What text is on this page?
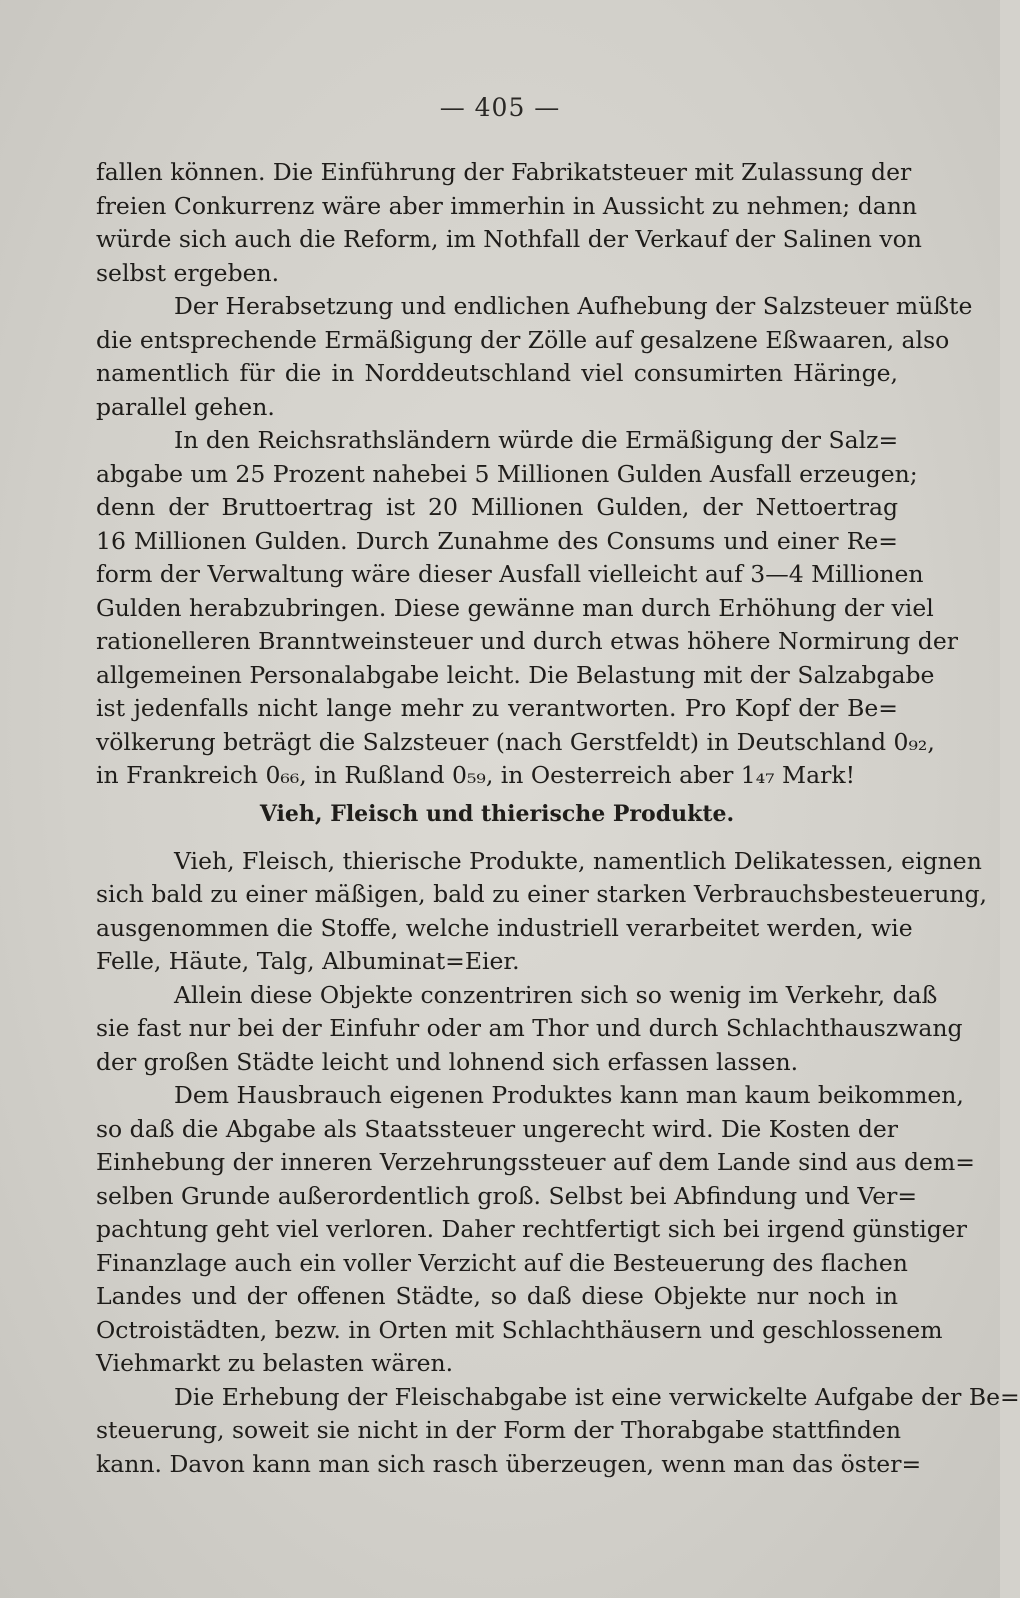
— 405 —
fallen können. Die Einführung der Fabrikatsteuer mit Zulassung der
freien Conkurrenz wäre aber immerhin in Aussicht zu nehmen; dann
würde sich auch die Reform, im Nothfall der Verkauf der Salinen von
selbst ergeben.
Der Herabsetzung und endlichen Aufhebung der Salzsteuer müßte
die entsprechende Ermäßigung der Zölle auf gesalzene Eßwaaren, also
namentlich für die in Norddeutschland viel consumirten Häringe,
parallel gehen.
In den Reichsrathsländern würde die Ermäßigung der Salz=
abgabe um 25 Prozent nahebei 5 Millionen Gulden Ausfall erzeugen;
denn der Bruttoertrag ist 20 Millionen Gulden, der Nettoertrag
16 Millionen Gulden. Durch Zunahme des Consums und einer Re=
form der Verwaltung wäre dieser Ausfall vielleicht auf 3—4 Millionen
Gulden herabzubringen. Diese gewänne man durch Erhöhung der viel
rationelleren Branntweinsteuer und durch etwas höhere Normirung der
allgemeinen Personalabgabe leicht. Die Belastung mit der Salzabgabe
ist jedenfalls nicht lange mehr zu verantworten. Pro Kopf der Be=
völkerung beträgt die Salzsteuer (nach Gerstfeldt) in Deutschland 0₉₂,
in Frankreich 0₆₆, in Rußland 0₅₉, in Oesterreich aber 1₄₇ Mark!
Vieh, Fleisch und thierische Produkte.
Vieh, Fleisch, thierische Produkte, namentlich Delikatessen, eignen
sich bald zu einer mäßigen, bald zu einer starken Verbrauchsbesteuerung,
ausgenommen die Stoffe, welche industriell verarbeitet werden, wie
Felle, Häute, Talg, Albuminat=Eier.
Allein diese Objekte conzentriren sich so wenig im Verkehr, daß
sie fast nur bei der Einfuhr oder am Thor und durch Schlachthauszwang
der großen Städte leicht und lohnend sich erfassen lassen.
Dem Hausbrauch eigenen Produktes kann man kaum beikommen,
so daß die Abgabe als Staatssteuer ungerecht wird. Die Kosten der
Einhebung der inneren Verzehrungssteuer auf dem Lande sind aus dem=
selben Grunde außerordentlich groß. Selbst bei Abfindung und Ver=
pachtung geht viel verloren. Daher rechtfertigt sich bei irgend günstiger
Finanzlage auch ein voller Verzicht auf die Besteuerung des flachen
Landes und der offenen Städte, so daß diese Objekte nur noch in
Octroistädten, bezw. in Orten mit Schlachthäusern und geschlossenem
Viehmarkt zu belasten wären.
Die Erhebung der Fleischabgabe ist eine verwickelte Aufgabe der Be=
steuerung, soweit sie nicht in der Form der Thorabgabe stattfinden
kann. Davon kann man sich rasch überzeugen, wenn man das öster=
